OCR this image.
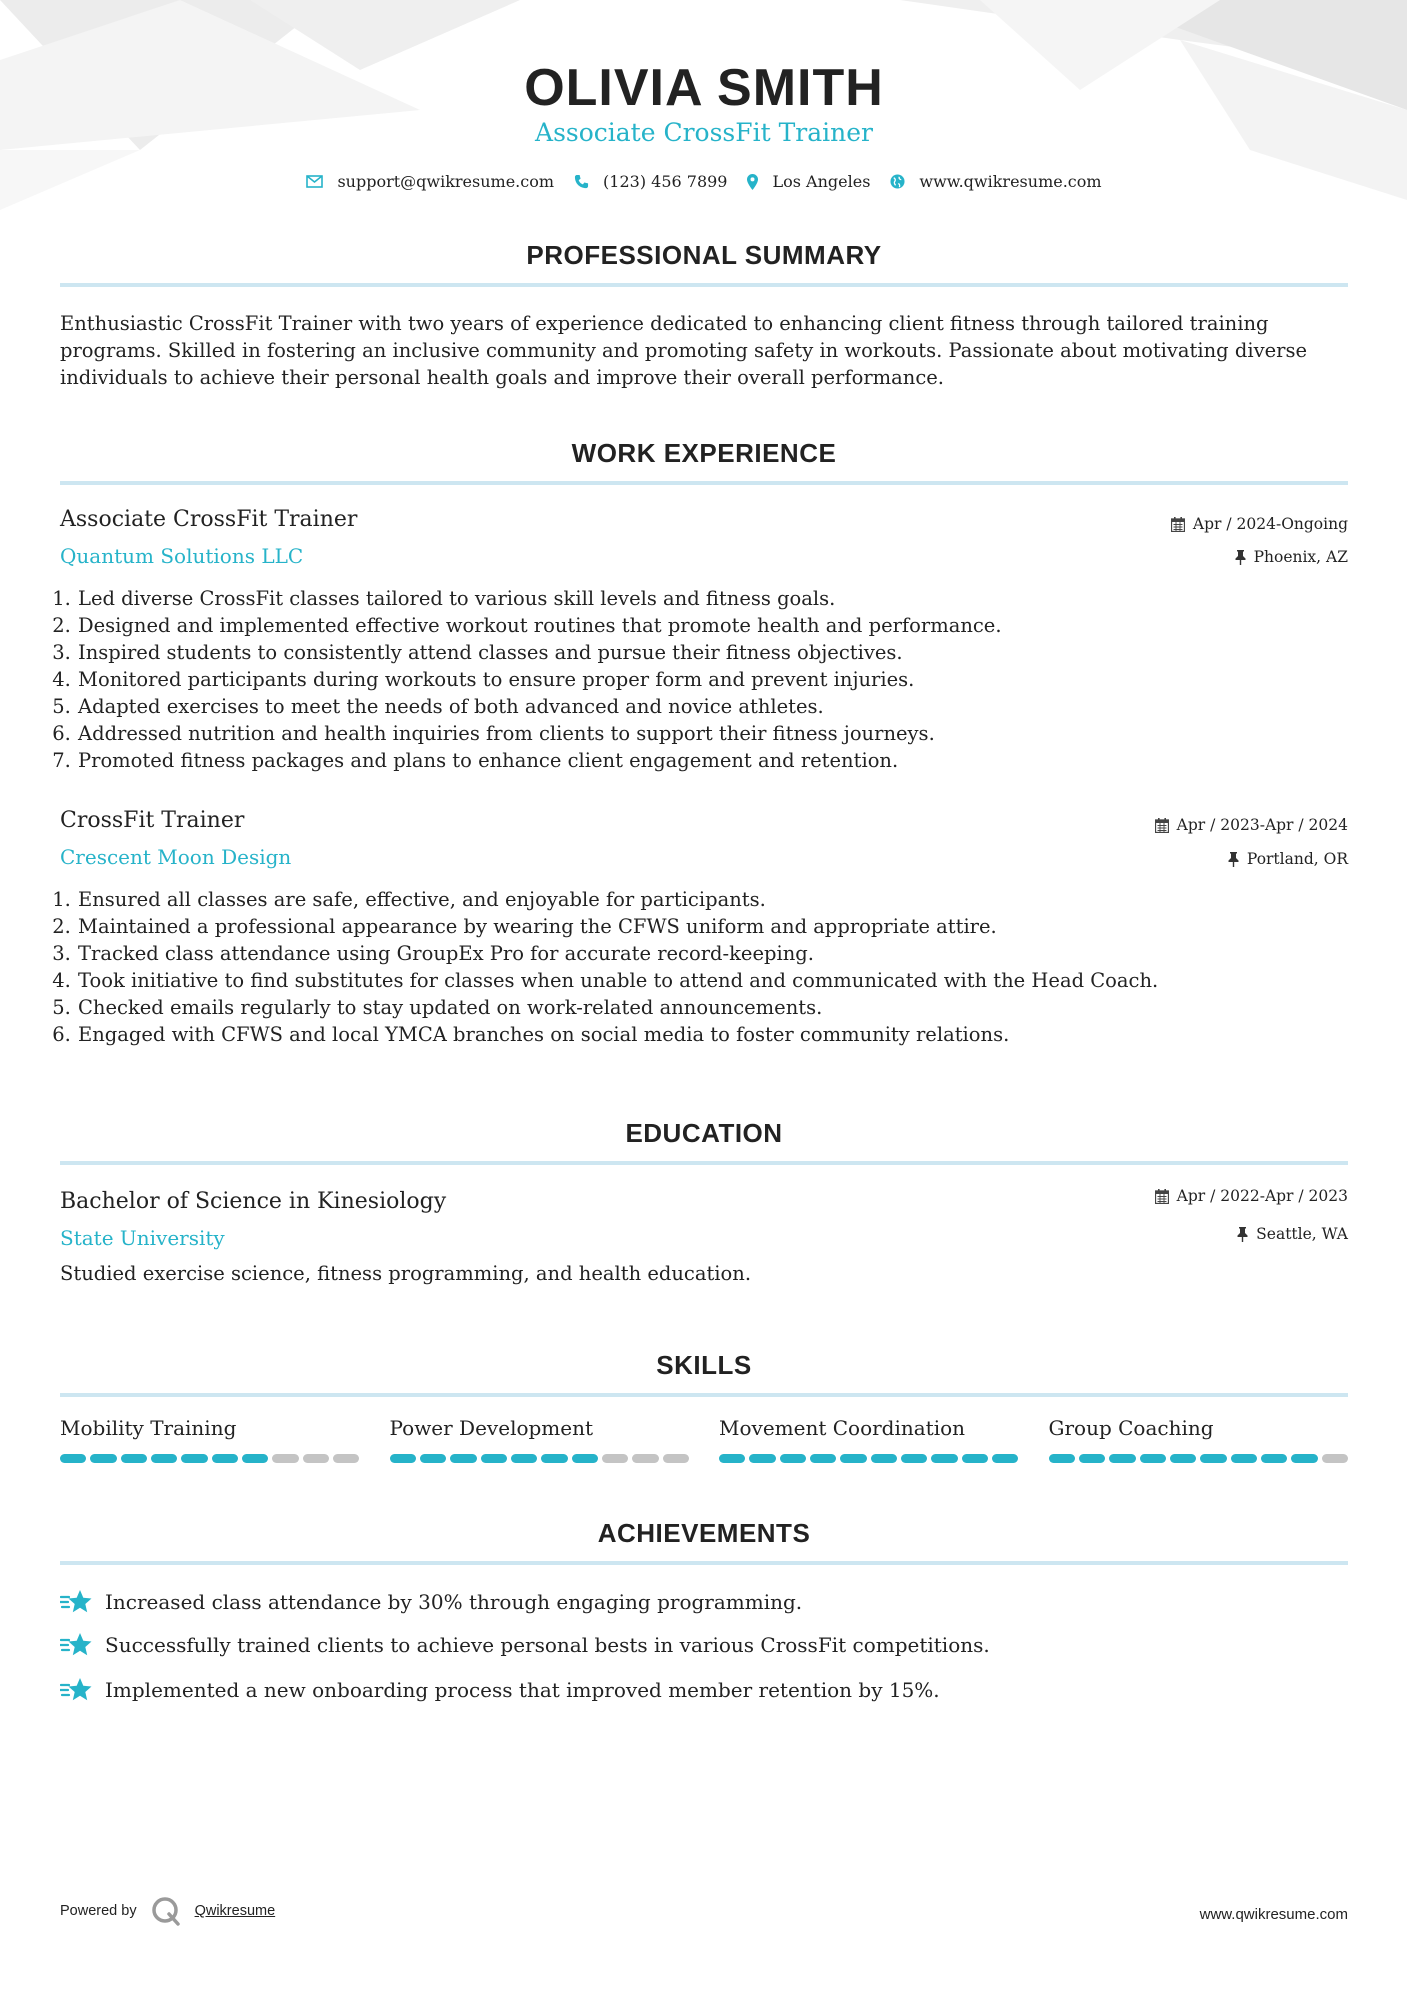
OLIVIA SMITH
Associate CrossFit Trainer
support@qwikresume.com	(123) 456 7899	Los Angeles	www.qwikresume.com
PROFESSIONAL SUMMARY
Enthusiastic CrossFit Trainer with two years of experience dedicated to enhancing client fitness through tailored training programs. Skilled in fostering an inclusive community and promoting safety in workouts. Passionate about motivating diverse individuals to achieve their personal health goals and improve their overall performance.
WORK EXPERIENCE
Associate CrossFit Trainer
Quantum Solutions LLC
Apr / 2024-Ongoing
Phoenix, AZ
1. Led diverse CrossFit classes tailored to various skill levels and fitness goals.
2. Designed and implemented effective workout routines that promote health and performance.
3. Inspired students to consistently attend classes and pursue their fitness objectives.
4. Monitored participants during workouts to ensure proper form and prevent injuries.
5. Adapted exercises to meet the needs of both advanced and novice athletes.
6. Addressed nutrition and health inquiries from clients to support their fitness journeys.
7. Promoted fitness packages and plans to enhance client engagement and retention.
CrossFit Trainer
Crescent Moon Design
Apr / 2023-Apr / 2024
Portland, OR
1. Ensured all classes are safe, effective, and enjoyable for participants.
2. Maintained a professional appearance by wearing the CFWS uniform and appropriate attire.
3. Tracked class attendance using GroupEx Pro for accurate record-keeping.
4. Took initiative to find substitutes for classes when unable to attend and communicated with the Head Coach.
5. Checked emails regularly to stay updated on work-related announcements.
6. Engaged with CFWS and local YMCA branches on social media to foster community relations.
EDUCATION
Bachelor of Science in Kinesiology
State University
Apr / 2022-Apr / 2023
Seattle, WA
Studied exercise science, fitness programming, and health education.
SKILLS
Mobility Training	Power Development	Movement Coordination	Group Coaching
ACHIEVEMENTS
Increased class attendance by 30% through engaging programming.
Successfully trained clients to achieve personal bests in various CrossFit competitions.
Implemented a new onboarding process that improved member retention by 15%.
Powered by	Qwikresume	www.qwikresume.com
